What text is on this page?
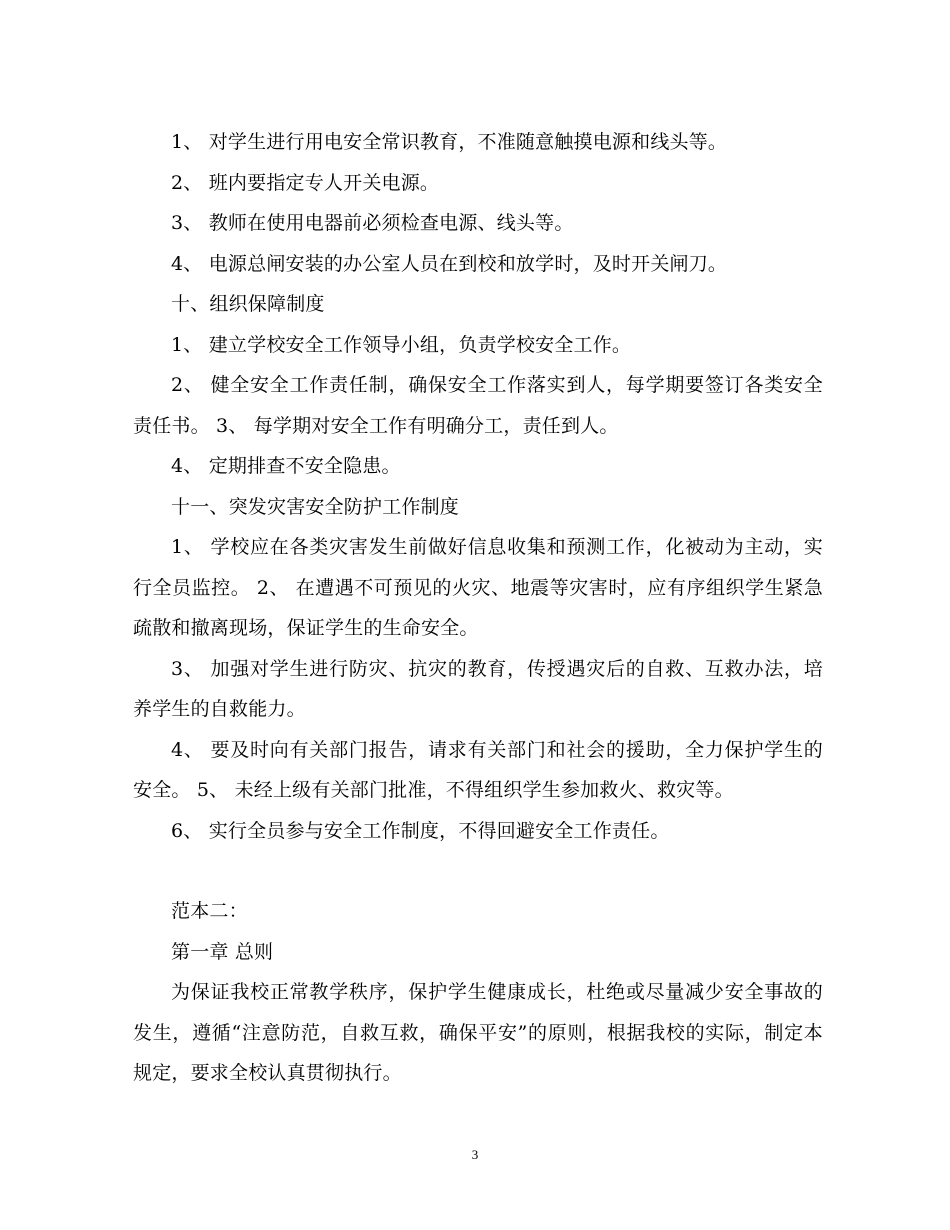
1、 对学生进行用电安全常识教育，不准随意触摸电源和线头等。

2、 班内要指定专人开关电源。

3、 教师在使用电器前必须检查电源、线头等。

4、 电源总闸安装的办公室人员在到校和放学时，及时开关闸刀。

十、组织保障制度

1、 建立学校安全工作领导小组，负责学校安全工作。

2、 健全安全工作责任制，确保安全工作落实到人，每学期要签订各类安全责任书。 3、 每学期对安全工作有明确分工，责任到人。

4、 定期排查不安全隐患。

十一、突发灾害安全防护工作制度

1、 学校应在各类灾害发生前做好信息收集和预测工作，化被动为主动，实行全员监控。 2、 在遭遇不可预见的火灾、地震等灾害时，应有序组织学生紧急疏散和撤离现场，保证学生的生命安全。

3、 加强对学生进行防灾、抗灾的教育，传授遇灾后的自救、互救办法，培养学生的自救能力。

4、 要及时向有关部门报告，请求有关部门和社会的援助，全力保护学生的安全。 5、 未经上级有关部门批准，不得组织学生参加救火、救灾等。

6、 实行全员参与安全工作制度，不得回避安全工作责任。

范本二：

第一章 总则

为保证我校正常教学秩序，保护学生健康成长，杜绝或尽量减少安全事故的发生，遵循“注意防范，自救互救，确保平安”的原则，根据我校的实际，制定本规定，要求全校认真贯彻执行。

3
